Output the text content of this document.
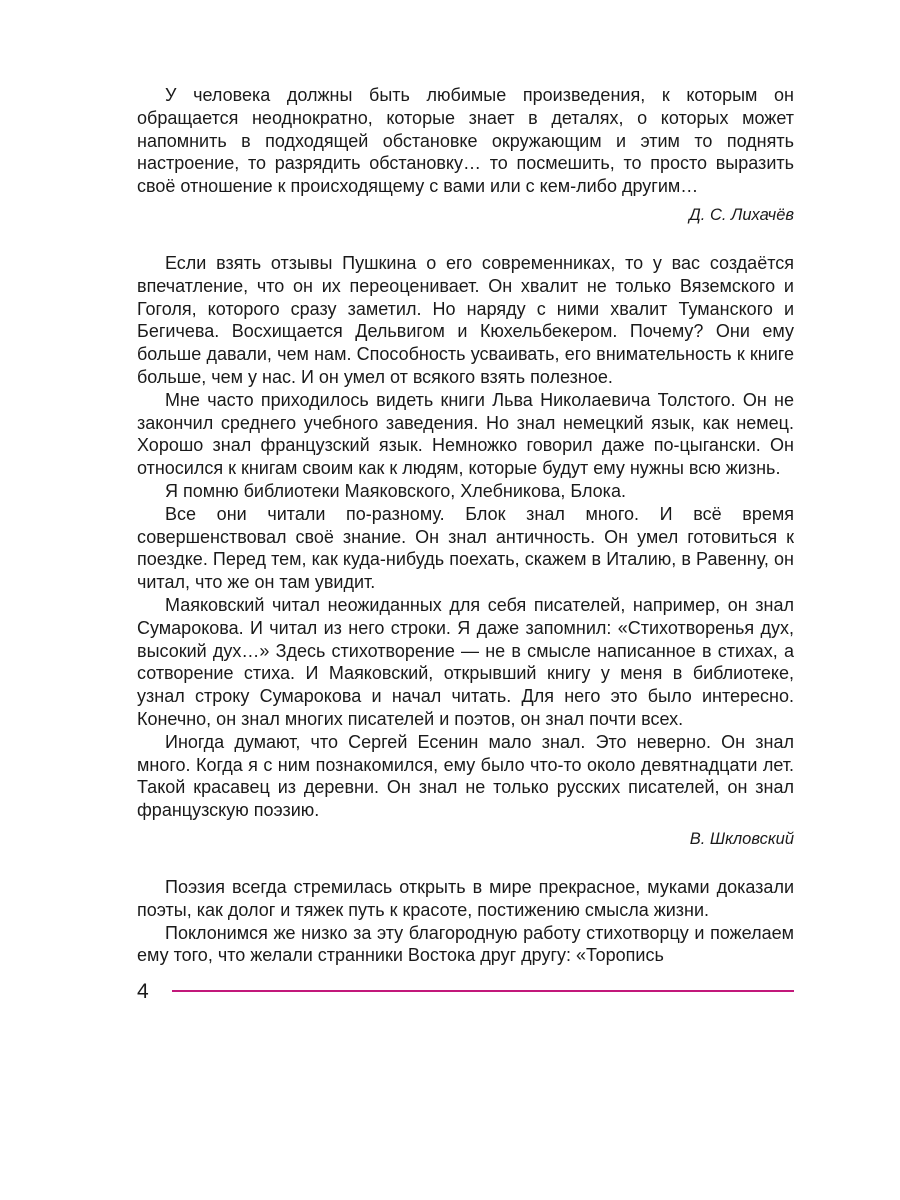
У человека должны быть любимые произведения, к которым он обращается неоднократно, которые знает в деталях, о которых может напомнить в подходящей обстановке окружающим и этим то поднять настроение, то разрядить обстановку… то посмешить, то просто выразить своё отношение к происходящему с вами или с кем-либо другим…

Д. С. Лихачёв

Если взять отзывы Пушкина о его современниках, то у вас создаётся впечатление, что он их переоценивает. Он хвалит не только Вяземского и Гоголя, которого сразу заметил. Но наряду с ними хвалит Туманского и Бегичева. Восхищается Дельвигом и Кюхельбекером. Почему? Они ему больше давали, чем нам. Способность усваивать, его внимательность к книге больше, чем у нас. И он умел от всякого взять полезное.

Мне часто приходилось видеть книги Льва Николаевича Толстого. Он не закончил среднего учебного заведения. Но знал немецкий язык, как немец. Хорошо знал французский язык. Немножко говорил даже по-цыгански. Он относился к книгам своим как к людям, которые будут ему нужны всю жизнь.

Я помню библиотеки Маяковского, Хлебникова, Блока.

Все они читали по-разному. Блок знал много. И всё время совершенствовал своё знание. Он знал античность. Он умел готовиться к поездке. Перед тем, как куда-нибудь поехать, скажем в Италию, в Равенну, он читал, что же он там увидит.

Маяковский читал неожиданных для себя писателей, например, он знал Сумарокова. И читал из него строки. Я даже запомнил: «Стихотворенья дух, высокий дух…» Здесь стихотворение — не в смысле написанное в стихах, а сотворение стиха. И Маяковский, открывший книгу у меня в библиотеке, узнал строку Сумарокова и начал читать. Для него это было интересно. Конечно, он знал многих писателей и поэтов, он знал почти всех.

Иногда думают, что Сергей Есенин мало знал. Это неверно. Он знал много. Когда я с ним познакомился, ему было что-то около девятнадцати лет. Такой красавец из деревни. Он знал не только русских писателей, он знал французскую поэзию.

В. Шкловский

Поэзия всегда стремилась открыть в мире прекрасное, муками доказали поэты, как долог и тяжек путь к красоте, постижению смысла жизни.

Поклонимся же низко за эту благородную работу стихотворцу и пожелаем ему того, что желали странники Востока друг другу: «Торопись

4
